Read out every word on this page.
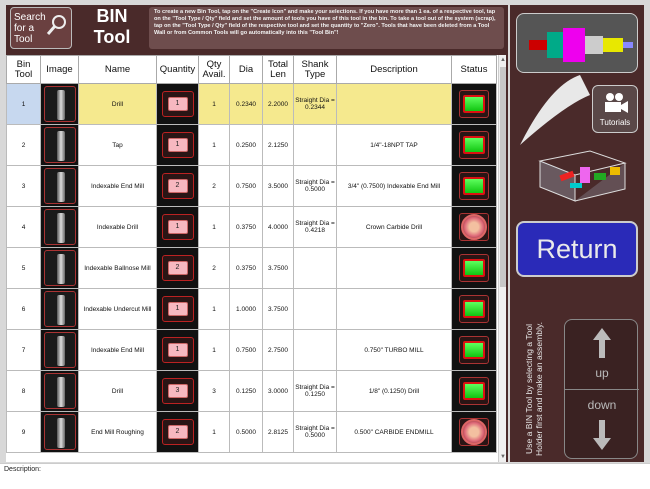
Search for a Tool
BIN Tool
To create a new Bin Tool, tap on the "Create Icon" and make your selections. If you have more than 1 ea. of a respective tool, tap on the "Tool Type / Qty" field and set the amount of tools you have of this tool in the bin. To take a tool out of the system (scrap), tap on the "Tool Type / Qty" field of the respective tool and set the quantity to "Zero". Tools that have been deleted from a Tool Wall or from Common Tools will go automatically into this "Tool Bin"!
Bin Tool	Image	Name	Quantity	Qty Avail.	Dia	Total Len	Shank Type	Description	Status
1		Drill	1	1	0.2340	2.2000	Straight Dia = 0.2344		

2		Tap	1	1	0.2500	2.1250		1/4"-18NPT TAP	

3		Indexable End Mill	2	2	0.7500	3.5000	Straight Dia = 0.5000	3/4" (0.7500) Indexable End Mill	

4		Indexable Drill	1	1	0.3750	4.0000	Straight Dia = 0.4218	Crown Carbide Drill	

5		Indexable Ballnose Mill	2	2	0.3750	3.7500			

6		Indexable Undercut Mill	1	1	1.0000	3.7500			

7		Indexable End Mill	1	1	0.7500	2.7500		0.750" TURBO MILL	

8		Drill	3	3	0.1250	3.0000	Straight Dia = 0.1250	1/8" (0.1250) Drill	

9		End Mill Roughing	2	1	0.5000	2.8125	Straight Dia = 0.5000	0.500" CARBIDE ENDMILL	
▲
▼
Tutorials
Return
Use a BIN Tool by selecting a Tool Holder first and make an assembly.	up
down
Description:
